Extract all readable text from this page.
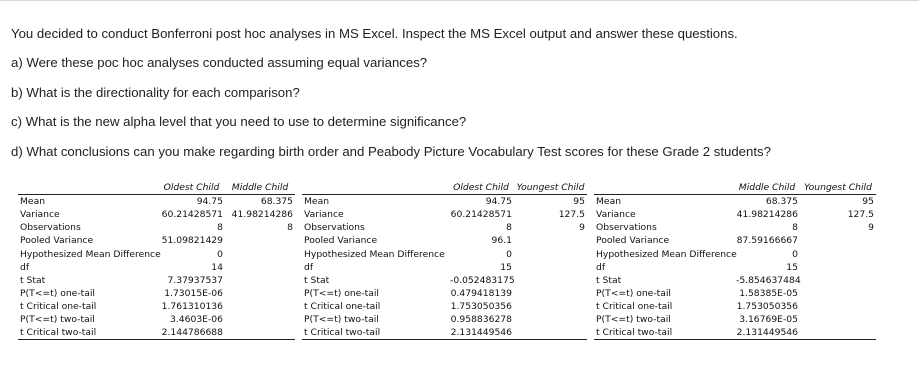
You decided to conduct Bonferroni post hoc analyses in MS Excel. Inspect the MS Excel output and answer these questions.
a) Were these poc hoc analyses conducted assuming equal variances?
b) What is the directionality for each comparison?
c) What is the new alpha level that you need to use to determine significance?
d) What conclusions can you make regarding birth order and Peabody Picture Vocabulary Test scores for these Grade 2 students?
	Oldest Child	Middle Child
Mean	94.75	68.375
Variance	60.21428571	41.98214286
Observations	8	8
Pooled Variance	51.09821429	
Hypothesized Mean Difference	0	
df	14	
t Stat	7.37937537	
P(T<=t) one-tail	1.73015E-06	
t Critical one-tail	1.761310136	
P(T<=t) two-tail	3.4603E-06	
t Critical two-tail	2.144786688	
	Oldest Child	Youngest Child
Mean	94.75	95
Variance	60.21428571	127.5
Observations	8	9
Pooled Variance	96.1	
Hypothesized Mean Difference	0	
df	15	
t Stat	-0.052483175	
P(T<=t) one-tail	0.479418139	
t Critical one-tail	1.753050356	
P(T<=t) two-tail	0.958836278	
t Critical two-tail	2.131449546	
	Middle Child	Youngest Child
Mean	68.375	95
Variance	41.98214286	127.5
Observations	8	9
Pooled Variance	87.59166667	
Hypothesized Mean Difference	0	
df	15	
t Stat	-5.854637484	
P(T<=t) one-tail	1.58385E-05	
t Critical one-tail	1.753050356	
P(T<=t) two-tail	3.16769E-05	
t Critical two-tail	2.131449546	
